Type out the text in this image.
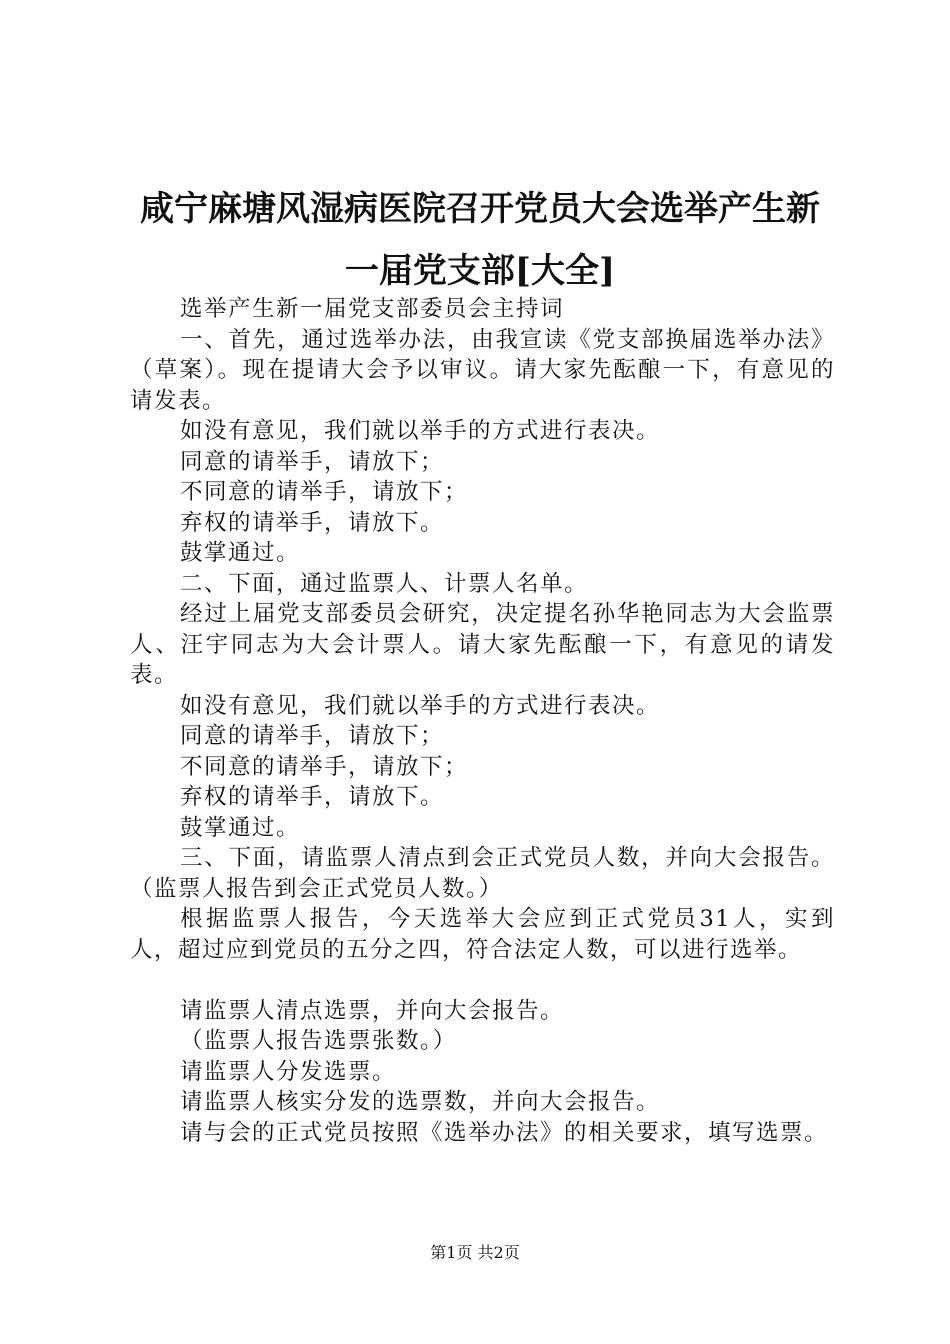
咸宁麻塘风湿病医院召开党员大会选举产生新
一届党支部[大全]

选举产生新一届党支部委员会主持词

一、首先，通过选举办法，由我宣读《党支部换届选举办法》（草案）。现在提请大会予以审议。请大家先酝酿一下，有意见的请发表。

如没有意见，我们就以举手的方式进行表决。

同意的请举手，请放下；

不同意的请举手，请放下；

弃权的请举手，请放下。

鼓掌通过。

二、下面，通过监票人、计票人名单。

经过上届党支部委员会研究，决定提名孙华艳同志为大会监票人、汪宇同志为大会计票人。请大家先酝酿一下，有意见的请发表。

如没有意见，我们就以举手的方式进行表决。

同意的请举手，请放下；

不同意的请举手，请放下；

弃权的请举手，请放下。

鼓掌通过。

三、下面，请监票人清点到会正式党员人数，并向大会报告。（监票人报告到会正式党员人数。）

根据监票人报告，今天选举大会应到正式党员31人，实到人，超过应到党员的五分之四，符合法定人数，可以进行选举。

请监票人清点选票，并向大会报告。

（监票人报告选票张数。）

请监票人分发选票。

请监票人核实分发的选票数，并向大会报告。

请与会的正式党员按照《选举办法》的相关要求，填写选票。

第1页 共2页
